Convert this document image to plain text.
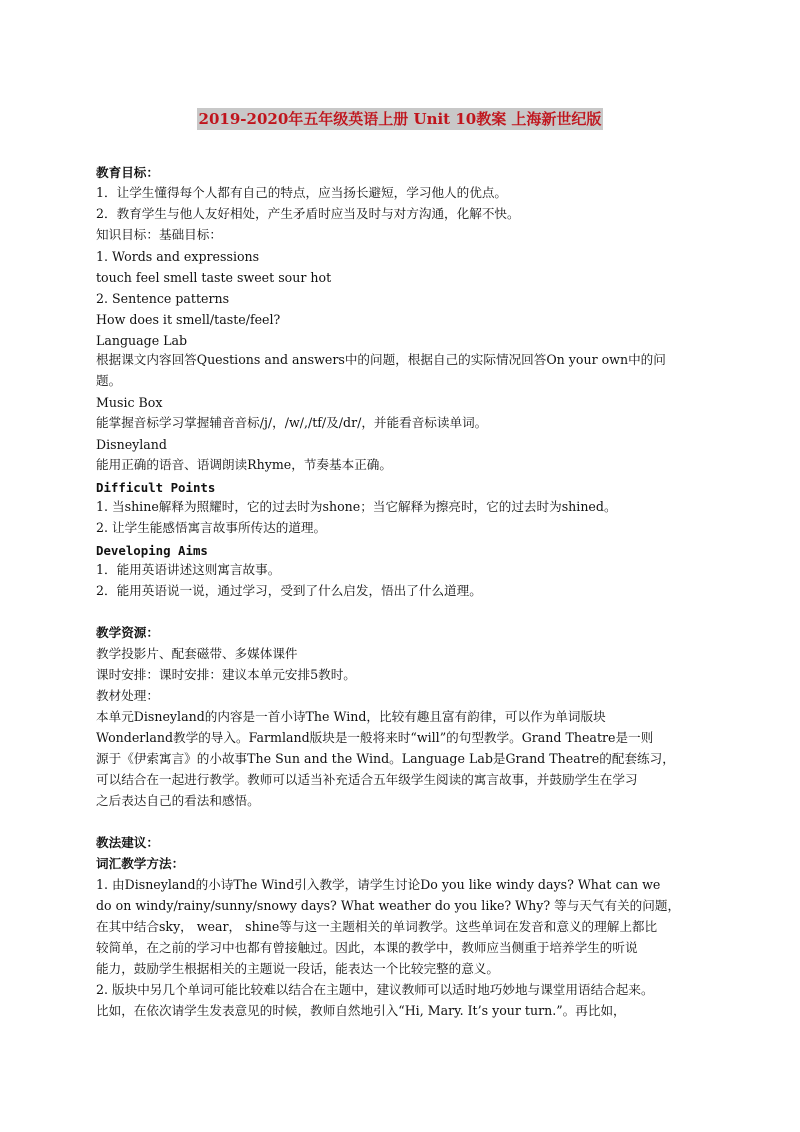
2019-2020年五年级英语上册 Unit 10教案 上海新世纪版
教育目标：
1．让学生懂得每个人都有自己的特点，应当扬长避短，学习他人的优点。
2．教育学生与他人友好相处，产生矛盾时应当及时与对方沟通，化解不快。
知识目标：基础目标：
1. Words and expressions
touch feel smell taste sweet sour hot
2. Sentence patterns
How does it smell/taste/feel?
Language Lab
根据课文内容回答Questions and answers中的问题，根据自己的实际情况回答On your own中的问
题。
Music Box
能掌握音标学习掌握辅音音标/j/，/w/,/tf/及/dr/，并能看音标读单词。
Disneyland
能用正确的语音、语调朗读Rhyme，节奏基本正确。
Difficult Points
1. 当shine解释为照耀时，它的过去时为shone；当它解释为擦亮时，它的过去时为shined。
2. 让学生能感悟寓言故事所传达的道理。
Developing Aims
1．能用英语讲述这则寓言故事。
2．能用英语说一说，通过学习，受到了什么启发，悟出了什么道理。
教学资源：
教学投影片、配套磁带、多媒体课件
课时安排：课时安排：建议本单元安排5教时。
教材处理：
本单元Disneyland的内容是一首小诗The Wind，比较有趣且富有韵律，可以作为单词版块
Wonderland教学的导入。Farmland版块是一般将来时“will”的句型教学。Grand Theatre是一则
源于《伊索寓言》的小故事The Sun and the Wind。Language Lab是Grand Theatre的配套练习，
可以结合在一起进行教学。教师可以适当补充适合五年级学生阅读的寓言故事，并鼓励学生在学习
之后表达自己的看法和感悟。
教法建议：
词汇教学方法：
1. 由Disneyland的小诗The Wind引入教学，请学生讨论Do you like windy days? What can we
do on windy/rainy/sunny/snowy days? What weather do you like? Why? 等与天气有关的问题，
在其中结合sky， wear， shine等与这一主题相关的单词教学。这些单词在发音和意义的理解上都比
较简单，在之前的学习中也都有曾接触过。因此，本课的教学中，教师应当侧重于培养学生的听说
能力，鼓励学生根据相关的主题说一段话，能表达一个比较完整的意义。
2. 版块中另几个单词可能比较难以结合在主题中，建议教师可以适时地巧妙地与课堂用语结合起来。
比如，在依次请学生发表意见的时候，教师自然地引入“Hi, Mary. It’s your turn.”。再比如，
